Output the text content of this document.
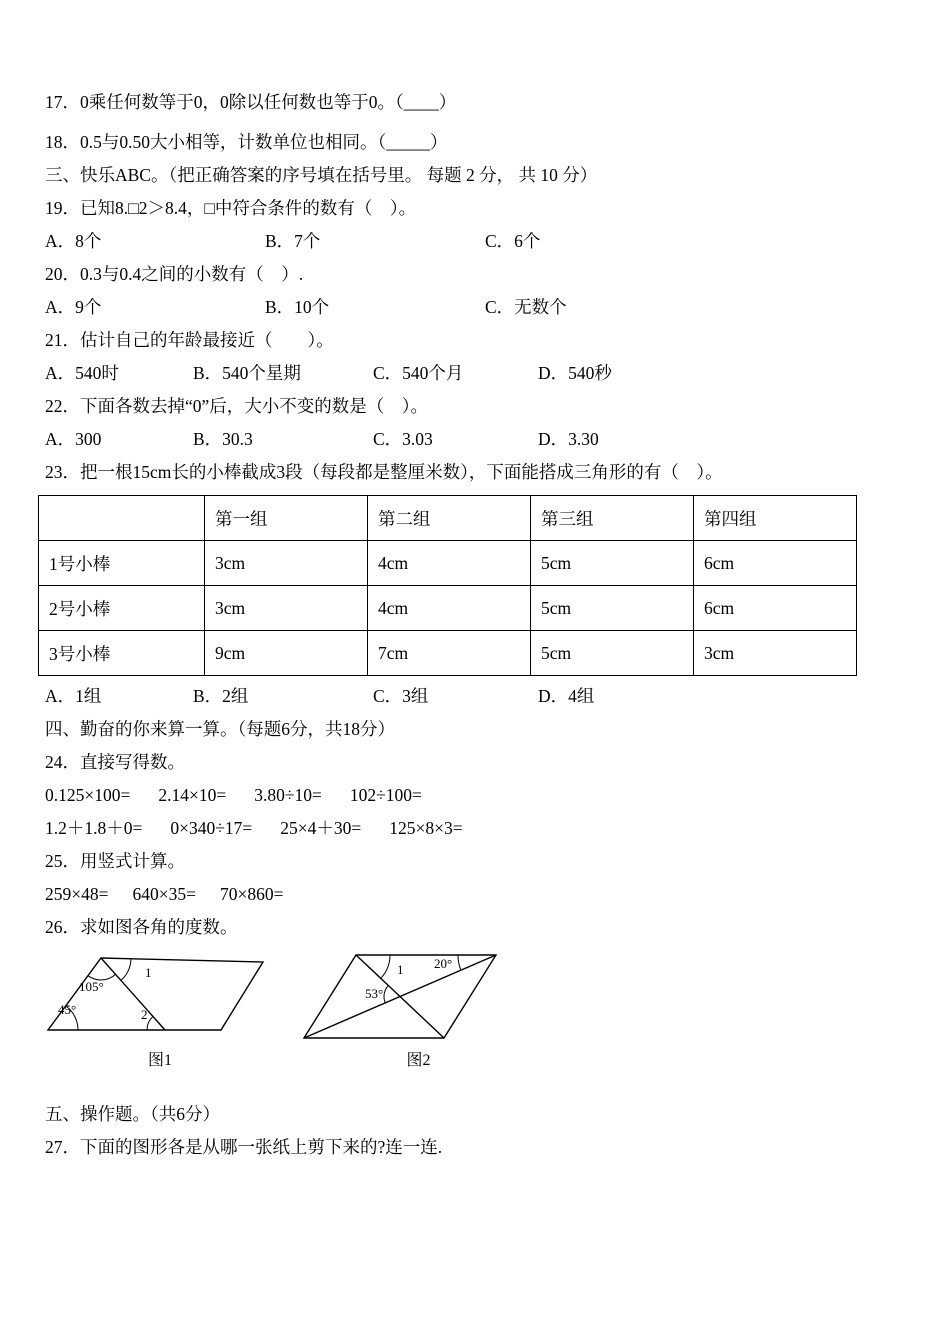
17．0乘任何数等于0，0除以任何数也等于0。（____）
18．0.5与0.50大小相等，计数单位也相同。（_____）
三、快乐ABC。（把正确答案的序号填在括号里。 每题 2 分， 共 10 分）
19．已知8.□2＞8.4，□中符合条件的数有（　）。
A．8个	B．7个	C．6个
20．0.3与0.4之间的小数有（　）.
A．9个	B．10个	C．无数个
21．估计自己的年龄最接近（　　）。
A．540时	B．540个星期	C．540个月	D．540秒
22．下面各数去掉“0”后，大小不变的数是（　）。
A．300	B．30.3	C．3.03	D．3.30
23．把一根15cm长的小棒截成3段（每段都是整厘米数），下面能搭成三角形的有（　）。
	第一组	第二组	第三组	第四组
1号小棒	3cm	4cm	5cm	6cm
2号小棒	3cm	4cm	5cm	6cm
3号小棒	9cm	7cm	5cm	3cm
A．1组	B．2组	C．3组	D．4组
四、勤奋的你来算一算。（每题6分，共18分）
24．直接写得数。
0.125×100= 2.14×10= 3.80÷10= 102÷100=
1.2＋1.8＋0= 0×340÷17= 25×4＋30= 125×8×3=
25．用竖式计算。
259×48= 640×35= 70×860=
26．求如图各角的度数。
105°
45°
1
2
图1
1 20°
53°
图2
五、操作题。（共6分）
27．下面的图形各是从哪一张纸上剪下来的?连一连.
